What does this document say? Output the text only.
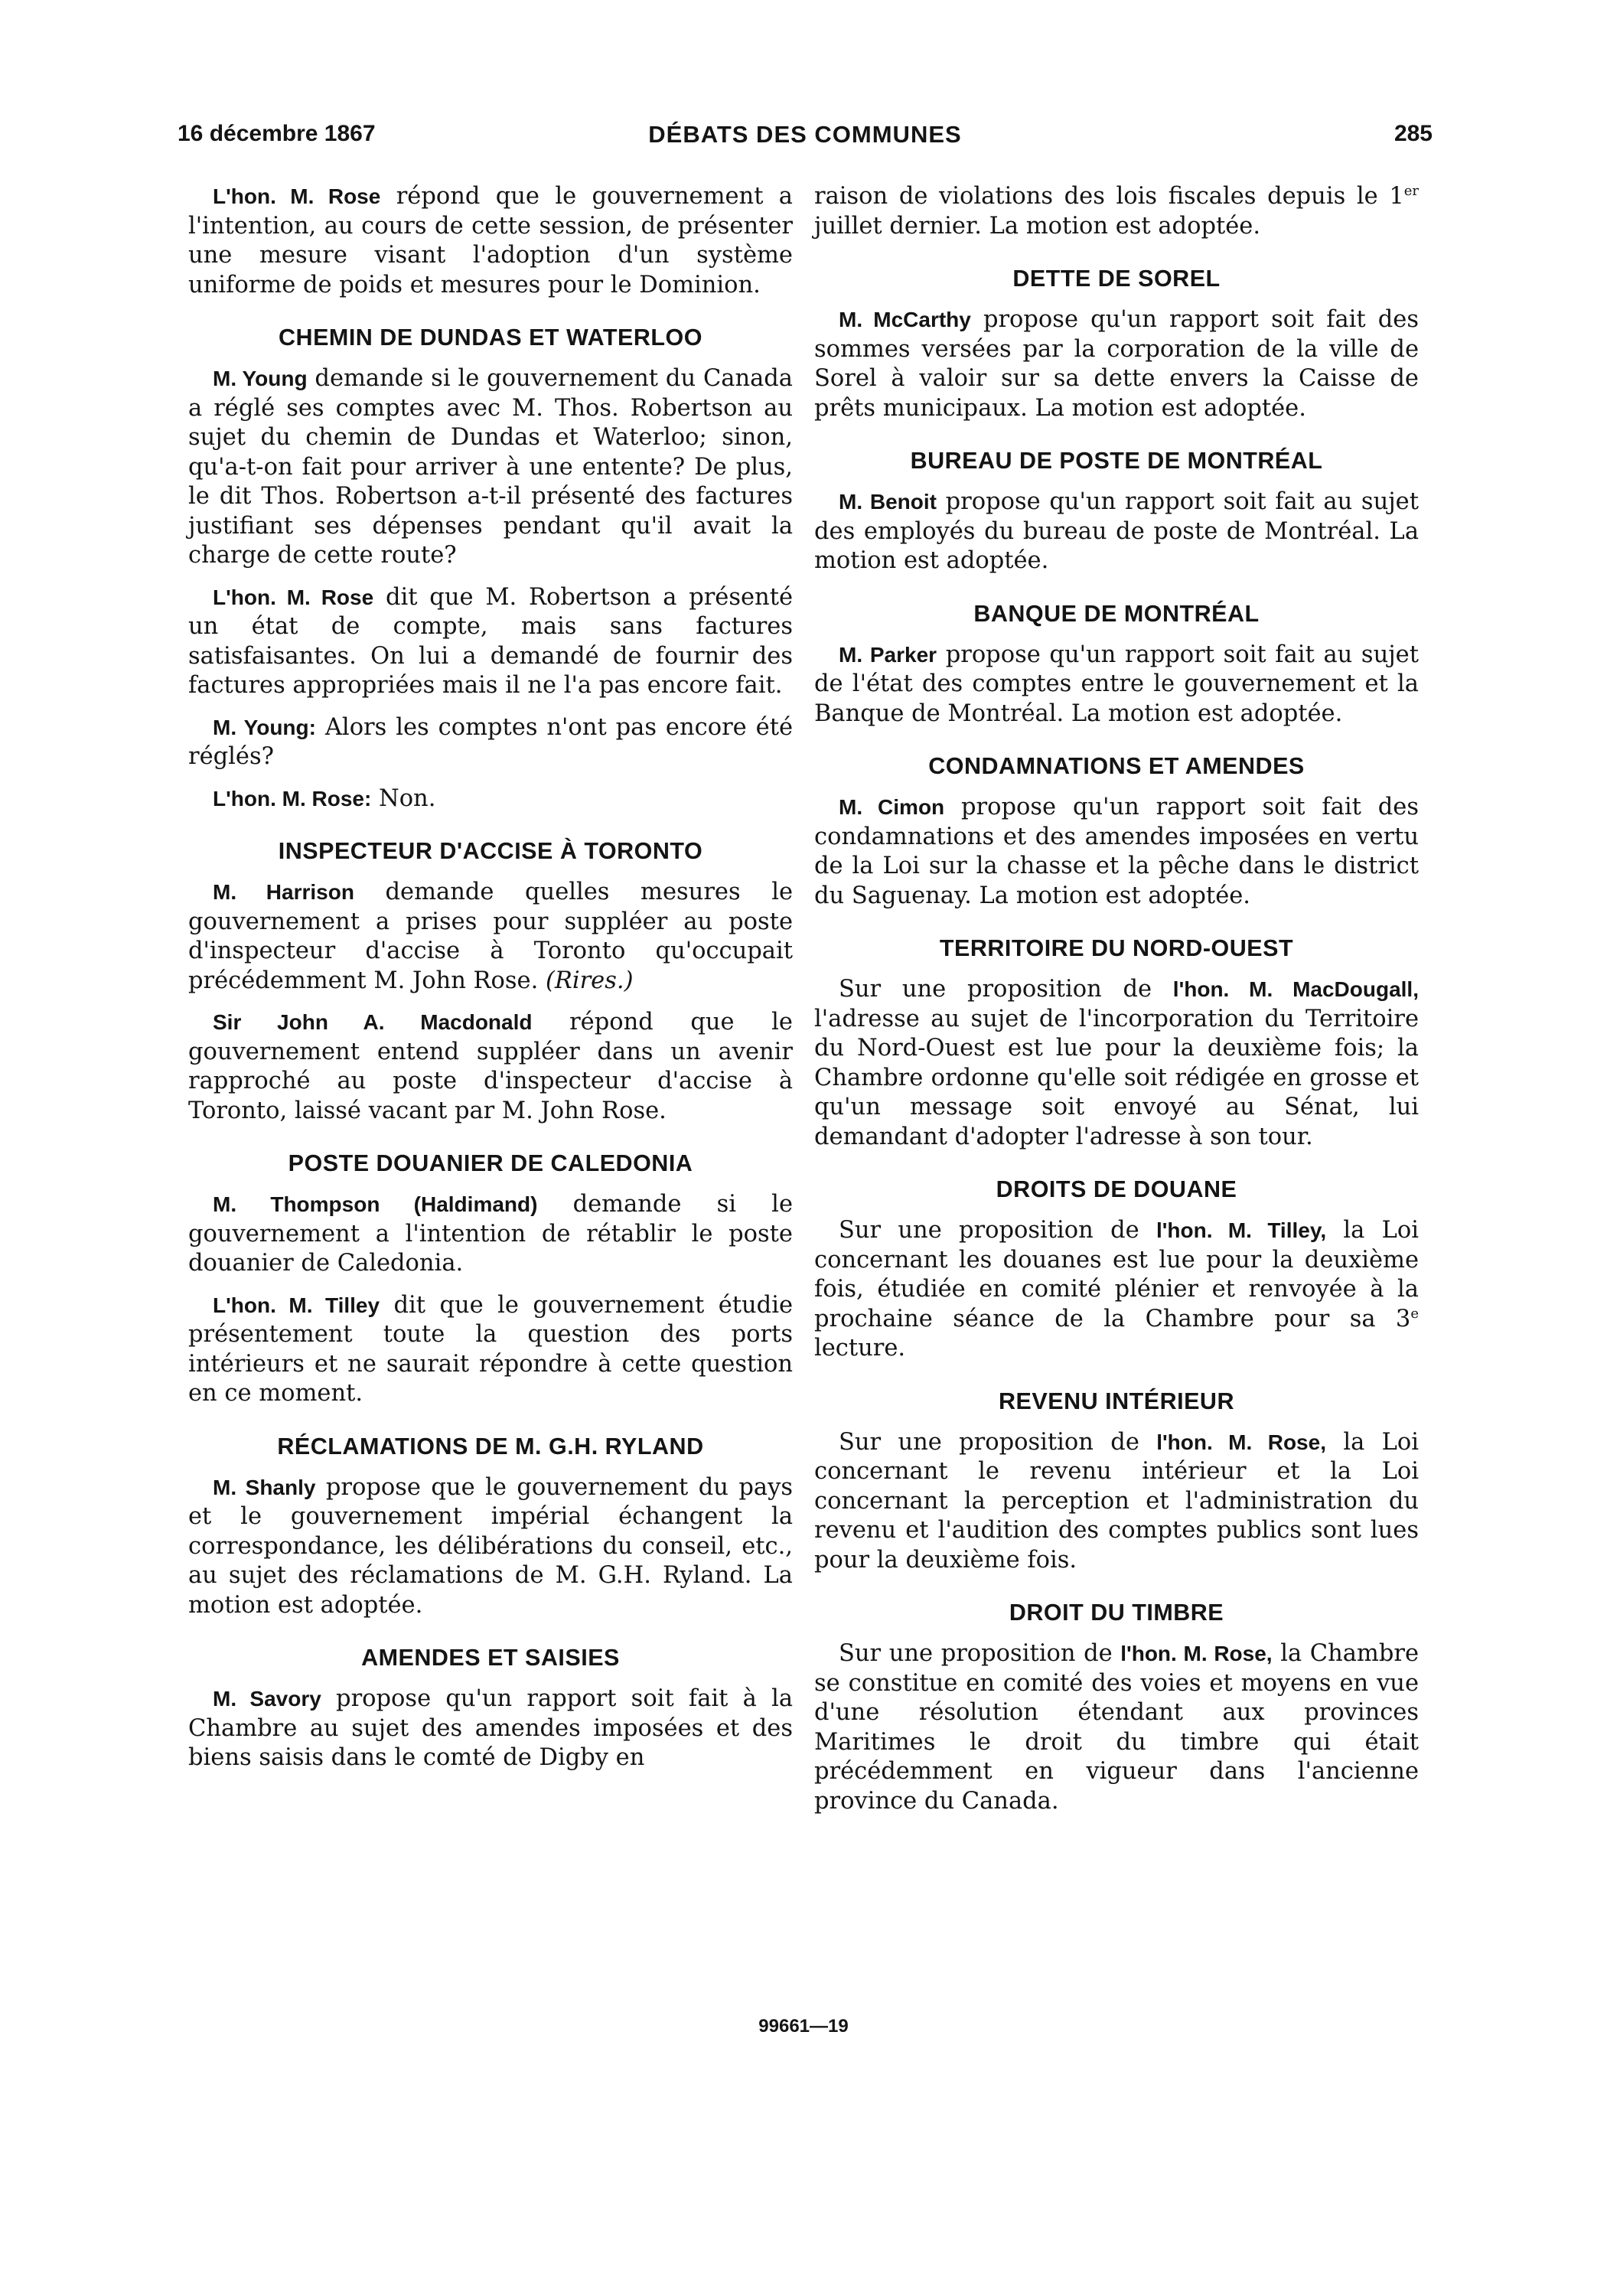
16 décembre 1867	DÉBATS DES COMMUNES	285

L'hon. M. Rose répond que le gouvernement a l'intention, au cours de cette session, de présenter une mesure visant l'adoption d'un système uniforme de poids et mesures pour le Dominion.

CHEMIN DE DUNDAS ET WATERLOO

M. Young demande si le gouvernement du Canada a réglé ses comptes avec M. Thos. Robertson au sujet du chemin de Dundas et Waterloo; sinon, qu'a-t-on fait pour arriver à une entente? De plus, le dit Thos. Robertson a-t-il présenté des factures justifiant ses dépenses pendant qu'il avait la charge de cette route?

L'hon. M. Rose dit que M. Robertson a présenté un état de compte, mais sans factures satisfaisantes. On lui a demandé de fournir des factures appropriées mais il ne l'a pas encore fait.

M. Young: Alors les comptes n'ont pas encore été réglés?

L'hon. M. Rose: Non.

INSPECTEUR D'ACCISE À TORONTO

M. Harrison demande quelles mesures le gouvernement a prises pour suppléer au poste d'inspecteur d'accise à Toronto qu'occupait précédemment M. John Rose. (Rires.)

Sir John A. Macdonald répond que le gouvernement entend suppléer dans un avenir rapproché au poste d'inspecteur d'accise à Toronto, laissé vacant par M. John Rose.

POSTE DOUANIER DE CALEDONIA

M. Thompson (Haldimand) demande si le gouvernement a l'intention de rétablir le poste douanier de Caledonia.

L'hon. M. Tilley dit que le gouvernement étudie présentement toute la question des ports intérieurs et ne saurait répondre à cette question en ce moment.

RÉCLAMATIONS DE M. G.H. RYLAND

M. Shanly propose que le gouvernement du pays et le gouvernement impérial échangent la correspondance, les délibérations du conseil, etc., au sujet des réclamations de M. G.H. Ryland. La motion est adoptée.

AMENDES ET SAISIES

M. Savory propose qu'un rapport soit fait à la Chambre au sujet des amendes imposées et des biens saisis dans le comté de Digby en

raison de violations des lois fiscales depuis le 1er juillet dernier. La motion est adoptée.

DETTE DE SOREL

M. McCarthy propose qu'un rapport soit fait des sommes versées par la corporation de la ville de Sorel à valoir sur sa dette envers la Caisse de prêts municipaux. La motion est adoptée.

BUREAU DE POSTE DE MONTRÉAL

M. Benoit propose qu'un rapport soit fait au sujet des employés du bureau de poste de Montréal. La motion est adoptée.

BANQUE DE MONTRÉAL

M. Parker propose qu'un rapport soit fait au sujet de l'état des comptes entre le gouvernement et la Banque de Montréal. La motion est adoptée.

CONDAMNATIONS ET AMENDES

M. Cimon propose qu'un rapport soit fait des condamnations et des amendes imposées en vertu de la Loi sur la chasse et la pêche dans le district du Saguenay. La motion est adoptée.

TERRITOIRE DU NORD-OUEST

Sur une proposition de l'hon. M. MacDougall, l'adresse au sujet de l'incorporation du Territoire du Nord-Ouest est lue pour la deuxième fois; la Chambre ordonne qu'elle soit rédigée en grosse et qu'un message soit envoyé au Sénat, lui demandant d'adopter l'adresse à son tour.

DROITS DE DOUANE

Sur une proposition de l'hon. M. Tilley, la Loi concernant les douanes est lue pour la deuxième fois, étudiée en comité plénier et renvoyée à la prochaine séance de la Chambre pour sa 3e lecture.

REVENU INTÉRIEUR

Sur une proposition de l'hon. M. Rose, la Loi concernant le revenu intérieur et la Loi concernant la perception et l'administration du revenu et l'audition des comptes publics sont lues pour la deuxième fois.

DROIT DU TIMBRE

Sur une proposition de l'hon. M. Rose, la Chambre se constitue en comité des voies et moyens en vue d'une résolution étendant aux provinces Maritimes le droit du timbre qui était précédemment en vigueur dans l'ancienne province du Canada.

99661—19
